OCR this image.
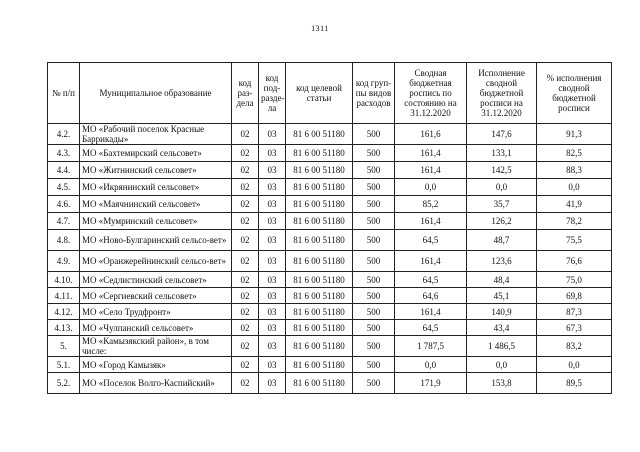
1311
№ п/п	Муниципальное образование	код раз-дела	код под-разде-ла	код целевой статьи	код груп-пы видов расходов	Сводная бюджетная роспись по состоянию на 31.12.2020	Исполнение сводной бюджетной росписи на 31.12.2020	% исполнения сводной бюджетной росписи
4.2.	МО «Рабочий поселок Красные Баррикады»	02	03	81 6 00 51180	500	161,6	147,6	91,3
4.3.	МО «Бахтемирский сельсовет»	02	03	81 6 00 51180	500	161,4	133,1	82,5
4.4.	МО «Житнинский сельсовет»	02	03	81 6 00 51180	500	161,4	142,5	88,3
4.5.	МО «Икрянинский сельсовет»	02	03	81 6 00 51180	500	0,0	0,0	0,0
4.6.	МО «Маячнинский сельсовет»	02	03	81 6 00 51180	500	85,2	35,7	41,9
4.7.	МО «Мумринский сельсовет»	02	03	81 6 00 51180	500	161,4	126,2	78,2
4.8.	МО «Ново-Булгаринский сельсо-вет»	02	03	81 6 00 51180	500	64,5	48,7	75,5
4.9.	МО «Оранжерейнинский сельсо-вет»	02	03	81 6 00 51180	500	161,4	123,6	76,6
4.10.	МО «Седлистинский сельсовет»	02	03	81 6 00 51180	500	64,5	48,4	75,0
4.11.	МО «Сергиевский сельсовет»	02	03	81 6 00 51180	500	64,6	45,1	69,8
4.12.	МО «Село Трудфронт»	02	03	81 6 00 51180	500	161,4	140,9	87,3
4.13.	МО «Чулпанский сельсовет»	02	03	81 6 00 51180	500	64,5	43,4	67,3
5.	МО «Камызякский район», в том числе:	02	03	81 6 00 51180	500	1 787,5	1 486,5	83,2
5.1.	МО «Город Камызяк»	02	03	81 6 00 51180	500	0,0	0,0	0,0
5.2.	МО «Поселок Волго-Каспийский»	02	03	81 6 00 51180	500	171,9	153,8	89,5
